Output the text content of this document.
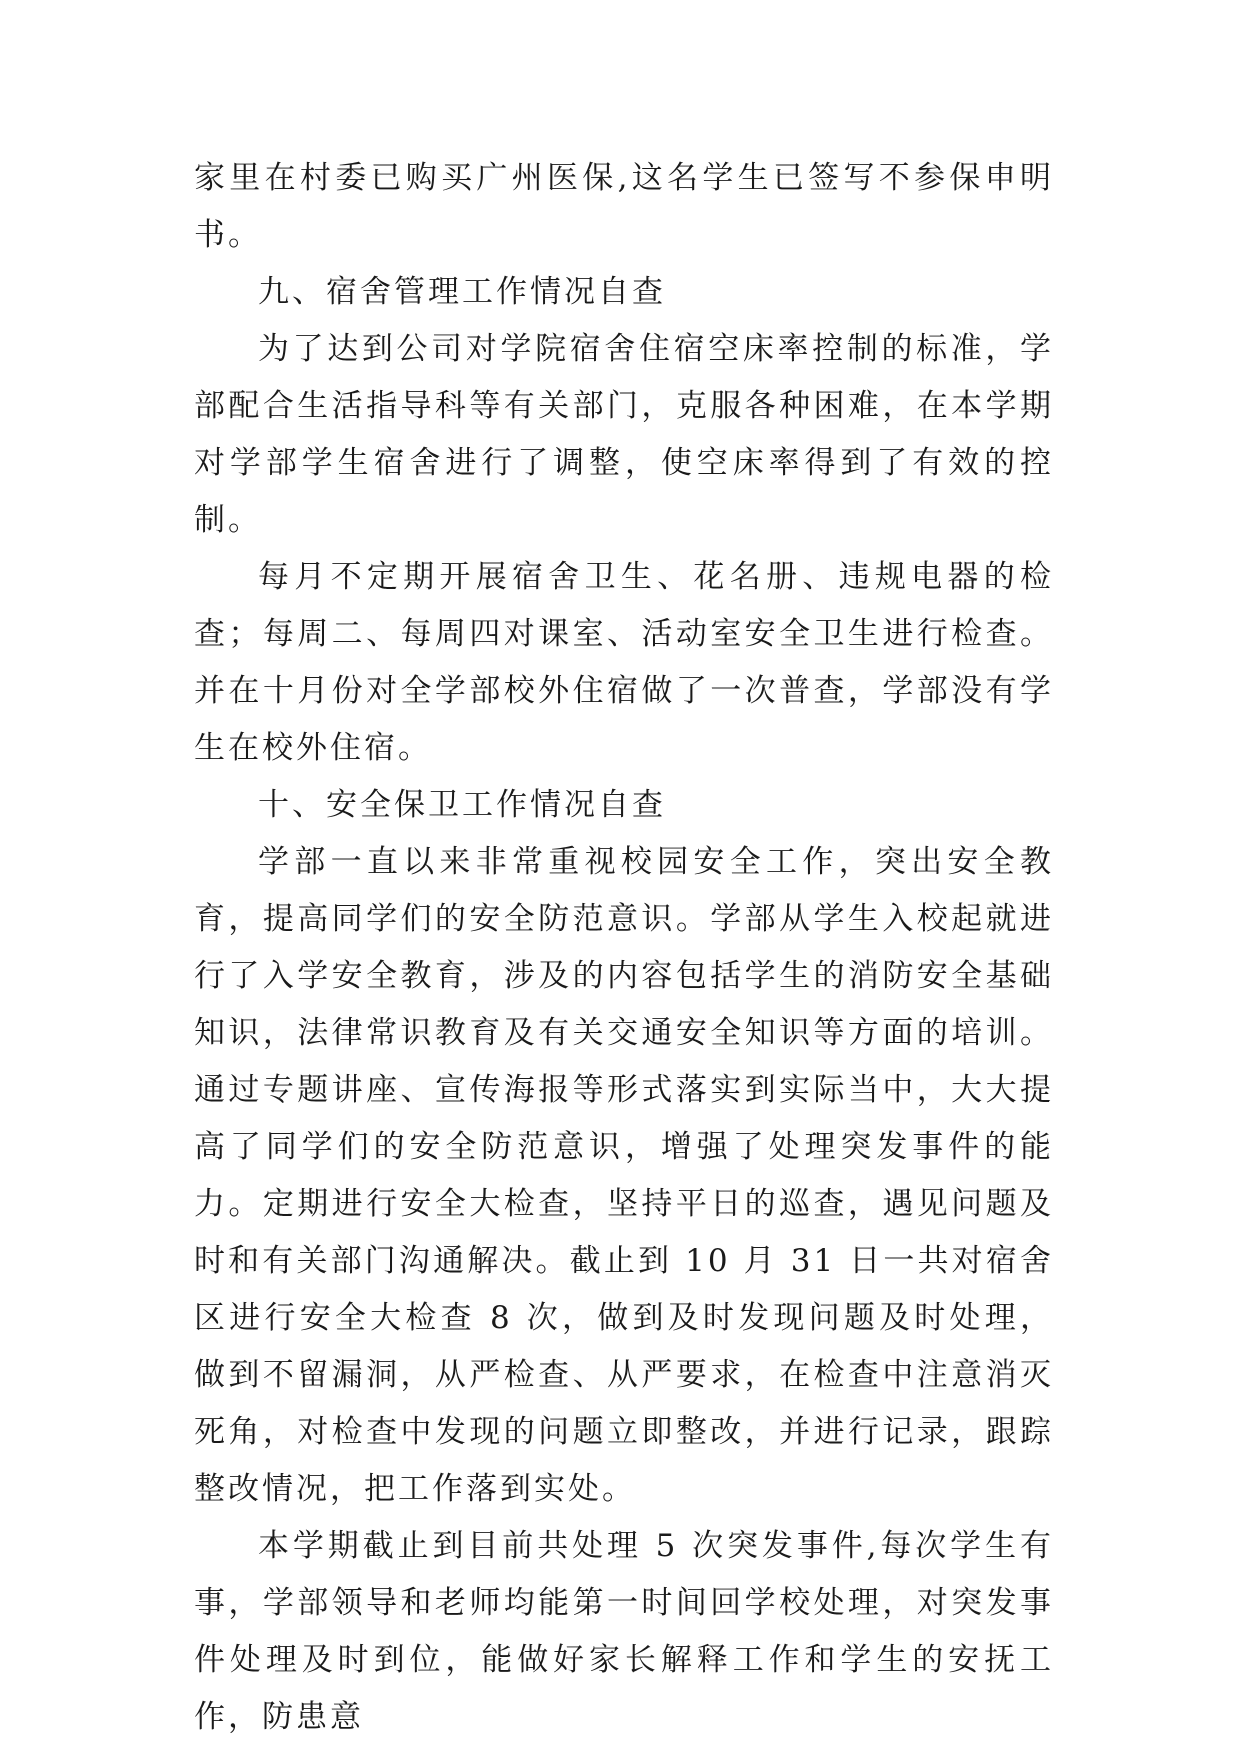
家里在村委已购买广州医保,这名学生已签写不参保申明书。

九、宿舍管理工作情况自查

为了达到公司对学院宿舍住宿空床率控制的标准，学部配合生活指导科等有关部门，克服各种困难，在本学期对学部学生宿舍进行了调整，使空床率得到了有效的控制。

每月不定期开展宿舍卫生、花名册、违规电器的检查；每周二、每周四对课室、活动室安全卫生进行检查。并在十月份对全学部校外住宿做了一次普查，学部没有学生在校外住宿。

十、安全保卫工作情况自查

学部一直以来非常重视校园安全工作，突出安全教育，提高同学们的安全防范意识。学部从学生入校起就进行了入学安全教育，涉及的内容包括学生的消防安全基础知识，法律常识教育及有关交通安全知识等方面的培训。通过专题讲座、宣传海报等形式落实到实际当中，大大提高了同学们的安全防范意识，增强了处理突发事件的能力。定期进行安全大检查，坚持平日的巡查，遇见问题及时和有关部门沟通解决。截止到 10 月 31 日一共对宿舍区进行安全大检查 8 次，做到及时发现问题及时处理，做到不留漏洞，从严检查、从严要求，在检查中注意消灭死角，对检查中发现的问题立即整改，并进行记录，跟踪整改情况，把工作落到实处。

本学期截止到目前共处理 5 次突发事件,每次学生有事，学部领导和老师均能第一时间回学校处理，对突发事件处理及时到位，能做好家长解释工作和学生的安抚工作，防患意
